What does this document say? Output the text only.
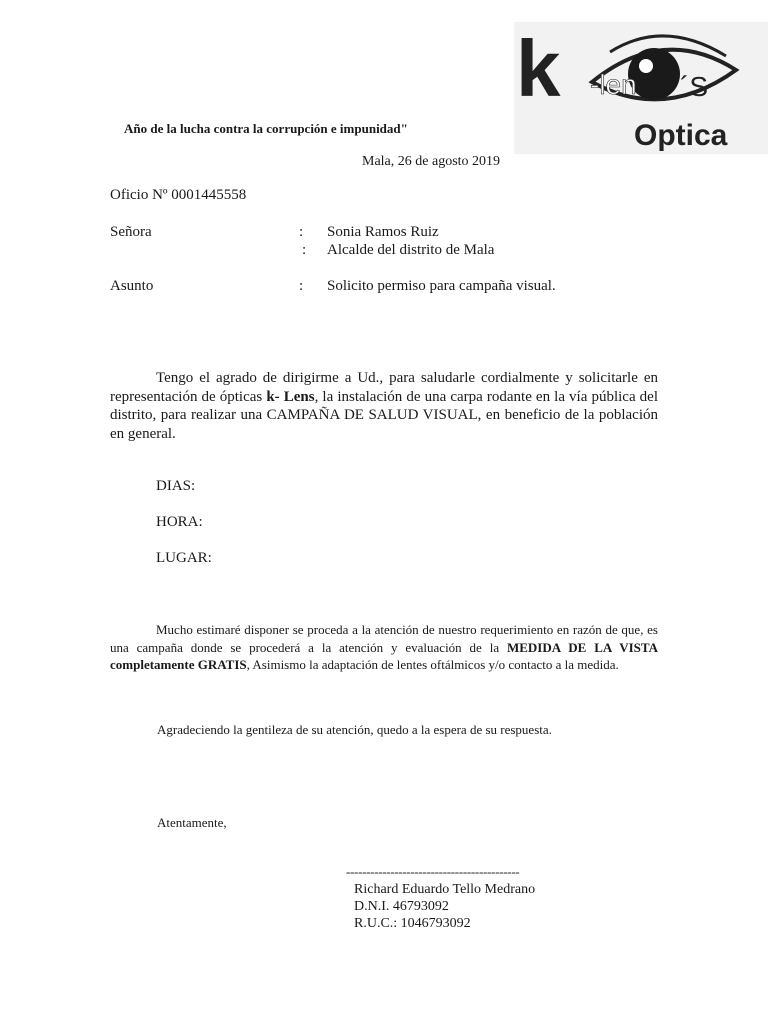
k -len ´S
Optica
Año de la lucha contra la corrupción e impunidad"
Mala, 26 de agosto 2019
Oficio Nº 0001445558
Señora	: Sonia Ramos Ruiz
: Alcalde del distrito de Mala
Asunto	: Solicito permiso para campaña visual.
Tengo el agrado de dirigirme a Ud., para saludarle cordialmente y solicitarle en representación de ópticas k- Lens, la instalación de una carpa rodante en la vía pública del distrito, para realizar una CAMPAÑA DE SALUD VISUAL, en beneficio de la población en general.
DIAS:
HORA:
LUGAR:
Mucho estimaré disponer se proceda a la atención de nuestro requerimiento en razón de que, es una campaña donde se procederá a la atención y evaluación de la MEDIDA DE LA VISTA completamente GRATIS, Asimismo la adaptación de lentes oftálmicos y/o contacto a la medida.
Agradeciendo la gentileza de su atención, quedo a la espera de su respuesta.
Atentamente,
-------------------------------------------
Richard Eduardo Tello Medrano
D.N.I. 46793092
R.U.C.: 1046793092
